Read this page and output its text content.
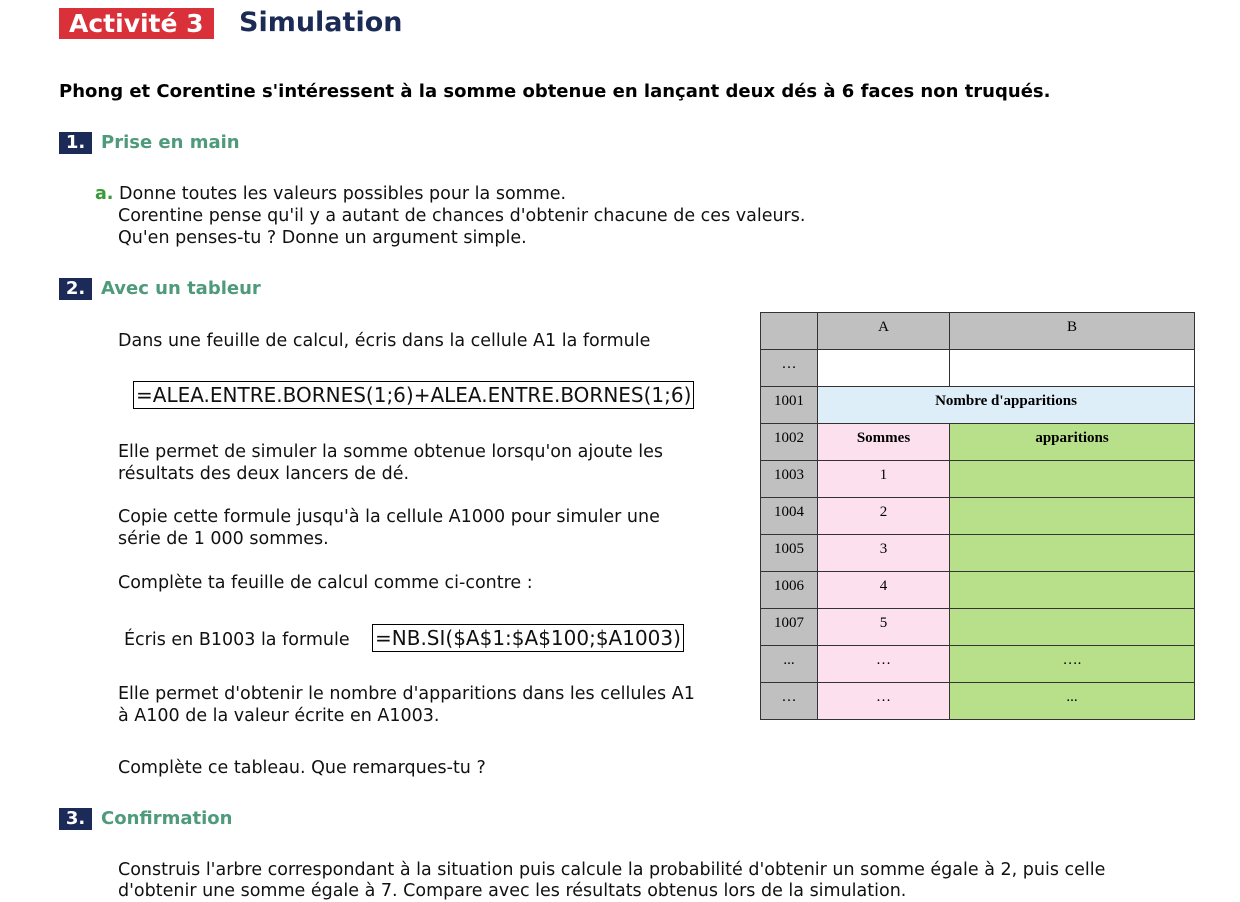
Activité 3	Simulation
Phong et Corentine s'intéressent à la somme obtenue en lançant deux dés à 6 faces non truqués.
1. Prise en main
a. Donne toutes les valeurs possibles pour la somme.
Corentine pense qu'il y a autant de chances d'obtenir chacune de ces valeurs.
Qu'en penses-tu ? Donne un argument simple.
2. Avec un tableur
Dans une feuille de calcul, écris dans la cellule A1 la formule
=ALEA.ENTRE.BORNES(1;6)+ALEA.ENTRE.BORNES(1;6)
Elle permet de simuler la somme obtenue lorsqu'on ajoute les
résultats des deux lancers de dé.
Copie cette formule jusqu'à la cellule A1000 pour simuler une
série de 1 000 sommes.
Complète ta feuille de calcul comme ci-contre :
Écris en B1003 la formule =NB.SI($A$1:$A$100;$A1003)
Elle permet d'obtenir le nombre d'apparitions dans les cellules A1
à A100 de la valeur écrite en A1003.
Complète ce tableau. Que remarques-tu ?
	A	B
…		
1001	Nombre d'apparitions	
1002	Sommes	apparitions
1003	1	
1004	2	
1005	3	
1006	4	
1007	5	
...	…	….
…	…	...
3. Confirmation
Construis l'arbre correspondant à la situation puis calcule la probabilité d'obtenir un somme égale à 2, puis celle
d'obtenir une somme égale à 7. Compare avec les résultats obtenus lors de la simulation.
